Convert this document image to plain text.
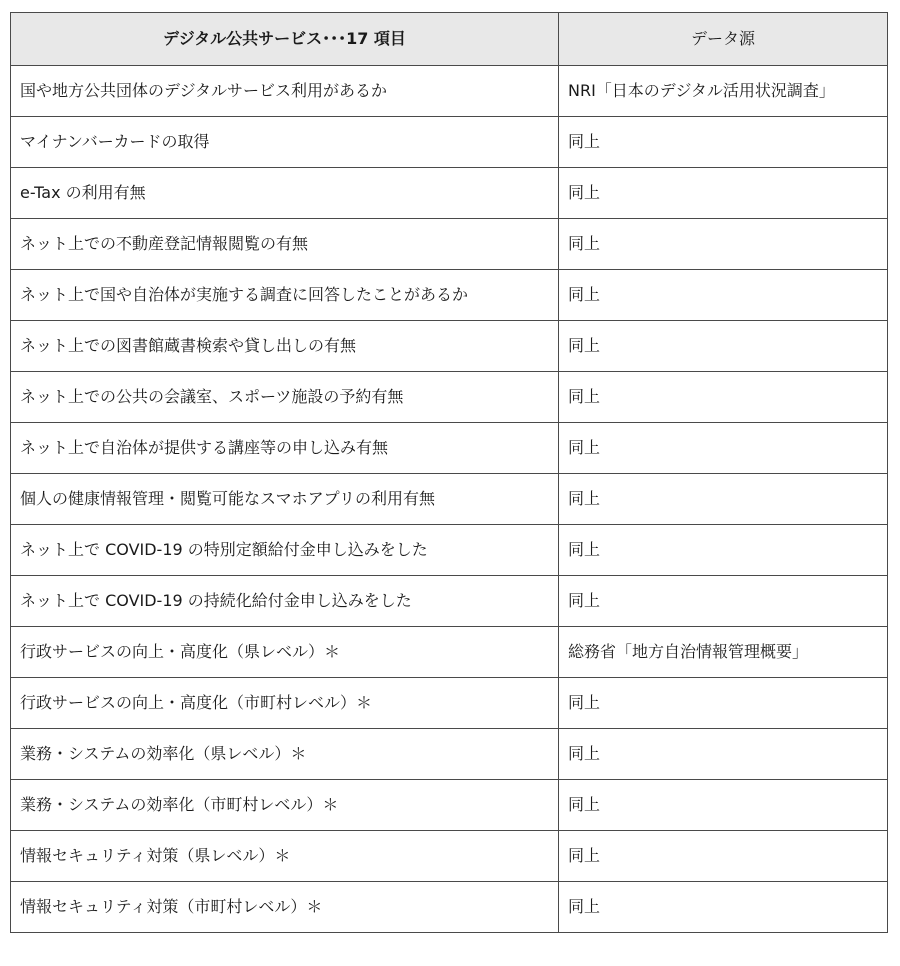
デジタル公共サービス･･･17 項目	データ源
国や地方公共団体のデジタルサービス利用があるか	NRI「日本のデジタル活用状況調査」
マイナンバーカードの取得	同上
e-Tax の利用有無	同上
ネット上での不動産登記情報閲覧の有無	同上
ネット上で国や自治体が実施する調査に回答したことがあるか	同上
ネット上での図書館蔵書検索や貸し出しの有無	同上
ネット上での公共の会議室、スポーツ施設の予約有無	同上
ネット上で自治体が提供する講座等の申し込み有無	同上
個人の健康情報管理・閲覧可能なスマホアプリの利用有無	同上
ネット上で COVID-19 の特別定額給付金申し込みをした	同上
ネット上で COVID-19 の持続化給付金申し込みをした	同上
行政サービスの向上・高度化（県レベル）＊	総務省「地方自治情報管理概要」
行政サービスの向上・高度化（市町村レベル）＊	同上
業務・システムの効率化（県レベル）＊	同上
業務・システムの効率化（市町村レベル）＊	同上
情報セキュリティ対策（県レベル）＊	同上
情報セキュリティ対策（市町村レベル）＊	同上
